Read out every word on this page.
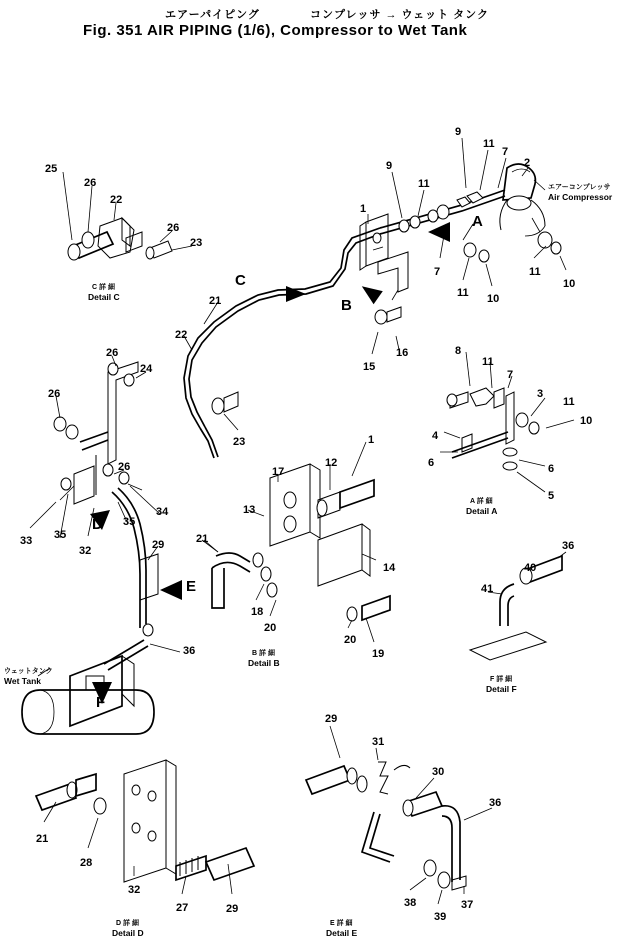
エアーパイピング	コンプレッサ → ウェット タンク
Fig. 351 AIR PIPING (1/6), Compressor to Wet Tank
C
B
A
D
E
F
エアーコンプレッサ
Air Compressor
ウェットタンク
Wet Tank
C 詳 細
Detail C
A 詳 細
Detail A
B 詳 細
Detail B
F 詳 細
Detail F
D 詳 細
Detail D
E 詳 細
Detail E
25
26
22
26
23
9
11
1
9
11
7
2
7
11 10
11
10
21
22
23
15
16	8
11
7
3
11
10
4
6	6
5
26
24
26
26
34
35
35
33
32	29	21
13
17
12
1
14
18
20
20
19
36
41
40
36
21
28
32
27	29
29
31
30
36
38
39
37
